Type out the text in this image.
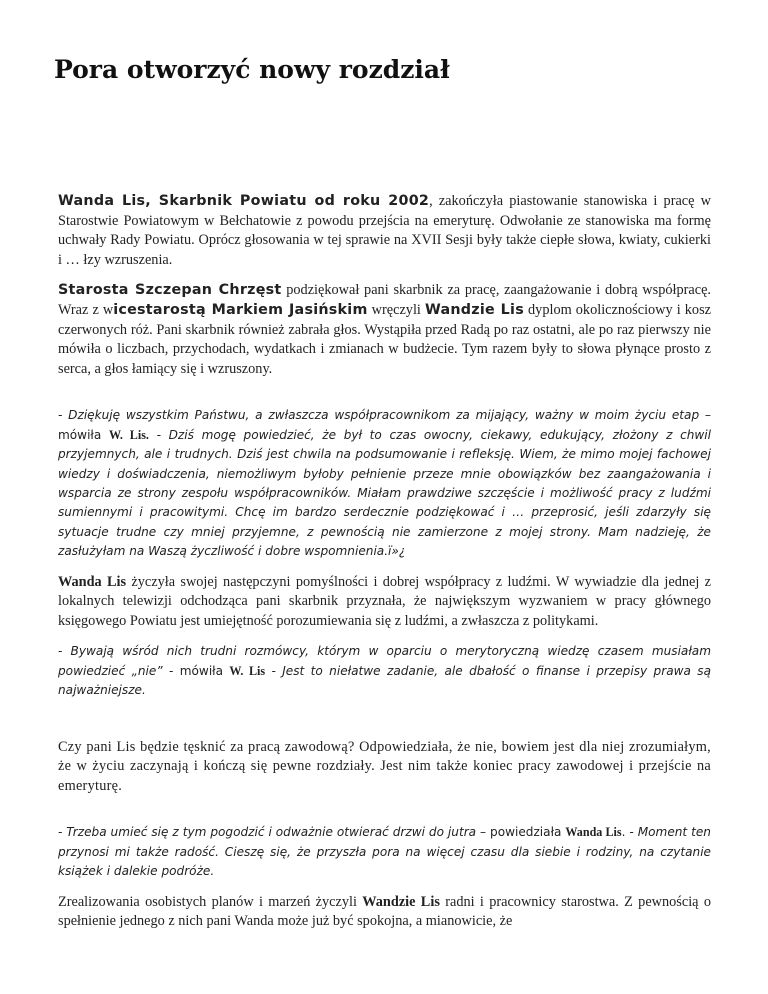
Pora otworzyć nowy rozdział

Wanda Lis, Skarbnik Powiatu od roku 2002, zakończyła piastowanie stanowiska i pracę w Starostwie Powiatowym w Bełchatowie z powodu przejścia na emeryturę. Odwołanie ze stanowiska ma formę uchwały Rady Powiatu. Oprócz głosowania w tej sprawie na XVII Sesji były także ciepłe słowa, kwiaty, cukierki i … łzy wzruszenia.

Starosta Szczepan Chrzęst podziękował pani skarbnik za pracę, zaangażowanie i dobrą współpracę. Wraz z wicestarostą Markiem Jasińskim wręczyli Wandzie Lis dyplom okolicznościowy i kosz czerwonych róż. Pani skarbnik również zabrała głos. Wystąpiła przed Radą po raz ostatni, ale po raz pierwszy nie mówiła o liczbach, przychodach, wydatkach i zmianach w budżecie. Tym razem były to słowa płynące prosto z serca, a głos łamiący się i wzruszony.

- Dziękuję wszystkim Państwu, a zwłaszcza współpracownikom za mijający, ważny w moim życiu etap – mówiła W. Lis. - Dziś mogę powiedzieć, że był to czas owocny, ciekawy, edukujący, złożony z chwil przyjemnych, ale i trudnych. Dziś jest chwila na podsumowanie i refleksję. Wiem, że mimo mojej fachowej wiedzy i doświadczenia, niemożliwym byłoby pełnienie przeze mnie obowiązków bez zaangażowania i wsparcia ze strony zespołu współpracowników. Miałam prawdziwe szczęście i możliwość pracy z ludźmi sumiennymi i pracowitymi. Chcę im bardzo serdecznie podziękować i … przeprosić, jeśli zdarzyły się sytuacje trudne czy mniej przyjemne, z pewnością nie zamierzone z mojej strony. Mam nadzieję, że zasłużyłam na Waszą życzliwość i dobre wspomnienia.ï»¿

Wanda Lis życzyła swojej następczyni pomyślności i dobrej współpracy z ludźmi. W wywiadzie dla jednej z lokalnych telewizji odchodząca pani skarbnik przyznała, że największym wyzwaniem w pracy głównego księgowego Powiatu jest umiejętność porozumiewania się z ludźmi, a zwłaszcza z politykami.

- Bywają wśród nich trudni rozmówcy, którym w oparciu o merytoryczną wiedzę czasem musiałam powiedzieć „nie” - mówiła W. Lis - Jest to niełatwe zadanie, ale dbałość o finanse i przepisy prawa są najważniejsze.

Czy pani Lis będzie tęsknić za pracą zawodową? Odpowiedziała, że nie, bowiem jest dla niej zrozumiałym, że w życiu zaczynają i kończą się pewne rozdziały. Jest nim także koniec pracy zawodowej i przejście na emeryturę.

- Trzeba umieć się z tym pogodzić i odważnie otwierać drzwi do jutra – powiedziała Wanda Lis. - Moment ten przynosi mi także radość. Cieszę się, że przyszła pora na więcej czasu dla siebie i rodziny, na czytanie książek i dalekie podróże.

Zrealizowania osobistych planów i marzeń życzyli Wandzie Lis radni i pracownicy starostwa. Z pewnością o spełnienie jednego z nich pani Wanda może już być spokojna, a mianowicie, że
